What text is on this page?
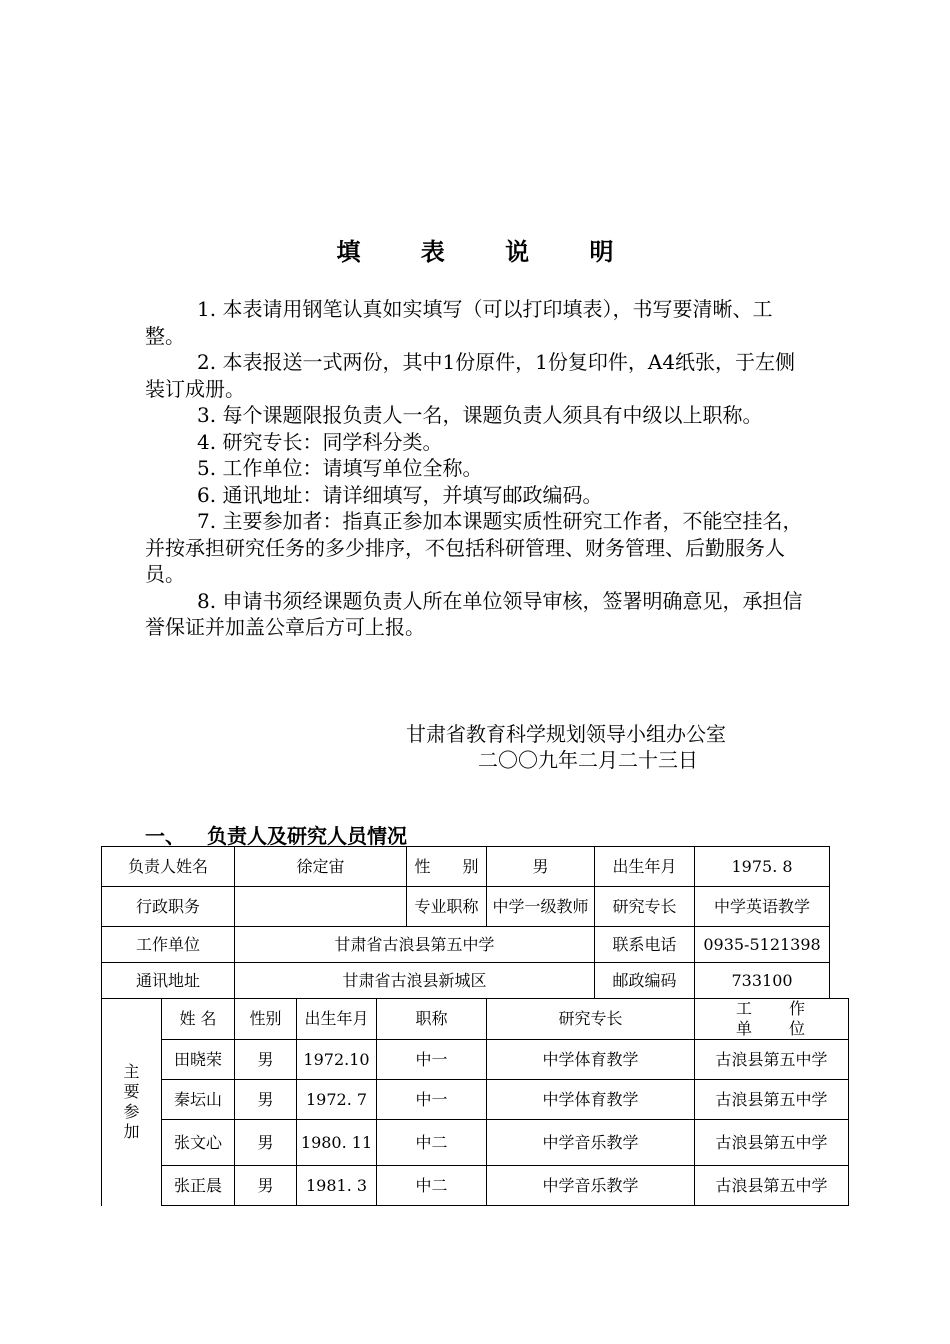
填 表 说 明

1. 本表请用钢笔认真如实填写（可以打印填表），书写要清晰、工整。

2. 本表报送一式两份，其中1份原件，1份复印件，A4纸张，于左侧装订成册。

3. 每个课题限报负责人一名，课题负责人须具有中级以上职称。

4. 研究专长：同学科分类。

5. 工作单位：请填写单位全称。

6. 通讯地址：请详细填写，并填写邮政编码。

7. 主要参加者：指真正参加本课题实质性研究工作者，不能空挂名，并按承担研究任务的多少排序，不包括科研管理、财务管理、后勤服务人员。

8. 申请书须经课题负责人所在单位领导审核，签署明确意见，承担信誉保证并加盖公章后方可上报。

甘肃省教育科学规划领导小组办公室
二〇〇九年二月二十三日
一、 负责人及研究人员情况
负责人姓名		徐定宙			性　　别	男	出生年月	1975. 8
行政职务					专业职称	中学一级教师	研究专长	中学英语教学
工作单位		甘肃省古浪县第五中学					联系电话	0935-5121398
通讯地址		甘肃省古浪县新城区					邮政编码	733100

主
要
参
加	姓 名	性别	出生年月	职称		研究专长		工 作 单 位
	田晓荣	男	1972.10	中一		中学体育教学		古浪县第五中学
	秦坛山	男	1972. 7	中一		中学体育教学		古浪县第五中学
	张文心	男	1980. 11	中二		中学音乐教学		古浪县第五中学
	张正晨	男	1981. 3	中二		中学音乐教学		古浪县第五中学
